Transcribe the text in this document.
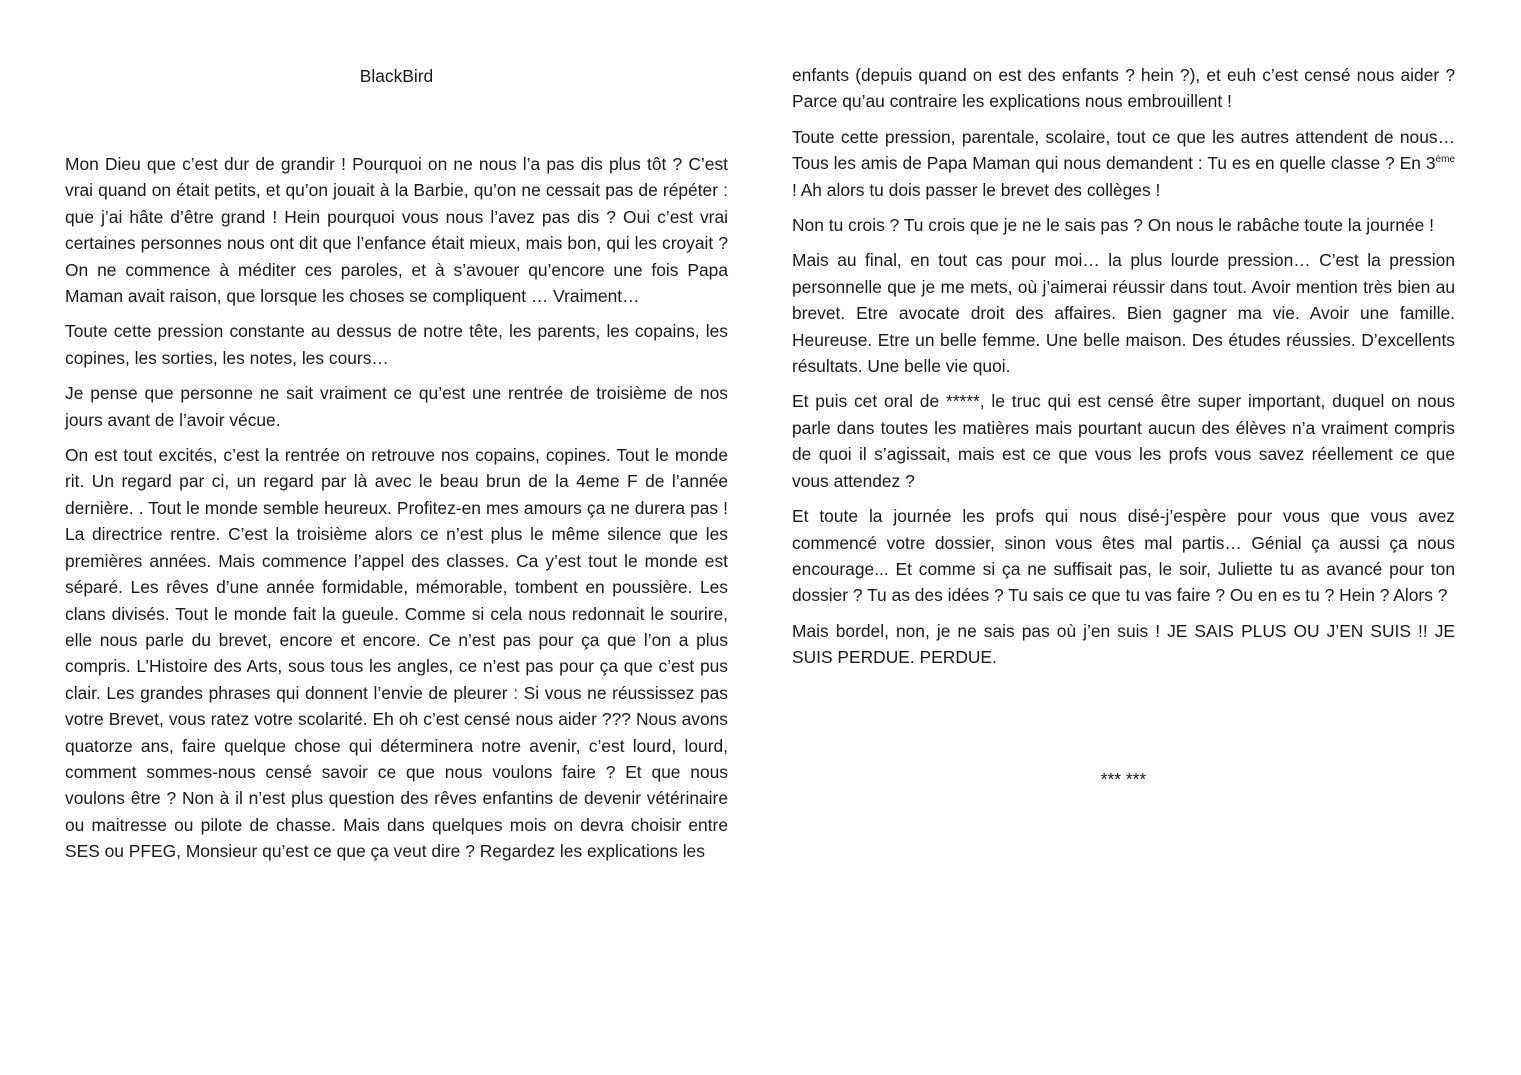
BlackBird

Mon Dieu que c’est dur de grandir ! Pourquoi on ne nous l’a pas dis plus tôt ? C’est vrai quand on était petits, et qu’on jouait à la Barbie, qu’on ne cessait pas de répéter : que j’ai hâte d’être grand ! Hein pourquoi vous nous l’avez pas dis ? Oui c’est vrai certaines personnes nous ont dit que l’enfance était mieux, mais bon, qui les croyait ? On ne commence à méditer ces paroles, et à s’avouer qu’encore une fois Papa Maman avait raison, que lorsque les choses se compliquent … Vraiment…

Toute cette pression constante au dessus de notre tête, les parents, les copains, les copines, les sorties, les notes, les cours…

Je pense que personne ne sait vraiment ce qu’est une rentrée de troisième de nos jours avant de l’avoir vécue.

On est tout excités, c’est la rentrée on retrouve nos copains, copines. Tout le monde rit. Un regard par ci, un regard par là avec le beau brun de la 4eme F de l’année dernière. . Tout le monde semble heureux. Profitez-en mes amours ça ne durera pas ! La directrice rentre. C’est la troisième alors ce n’est plus le même silence que les premières années. Mais commence l’appel des classes. Ca y’est tout le monde est séparé. Les rêves d’une année formidable, mémorable, tombent en poussière. Les clans divisés. Tout le monde fait la gueule. Comme si cela nous redonnait le sourire, elle nous parle du brevet, encore et encore. Ce n’est pas pour ça que l’on a plus compris. L’Histoire des Arts, sous tous les angles, ce n’est pas pour ça que c’est pus clair. Les grandes phrases qui donnent l’envie de pleurer : Si vous ne réussissez pas votre Brevet, vous ratez votre scolarité. Eh oh c’est censé nous aider ??? Nous avons quatorze ans, faire quelque chose qui déterminera notre avenir, c’est lourd, lourd, comment sommes-nous censé savoir ce que nous voulons faire ? Et que nous voulons être ? Non à il n’est plus question des rêves enfantins de devenir vétérinaire ou maitresse ou pilote de chasse. Mais dans quelques mois on devra choisir entre SES ou PFEG, Monsieur qu’est ce que ça veut dire ? Regardez les explications les

enfants (depuis quand on est des enfants ? hein ?), et euh c’est censé nous aider ? Parce qu’au contraire les explications nous embrouillent !

Toute cette pression, parentale, scolaire, tout ce que les autres attendent de nous… Tous les amis de Papa Maman qui nous demandent : Tu es en quelle classe ? En 3ème ! Ah alors tu dois passer le brevet des collèges !

Non tu crois ? Tu crois que je ne le sais pas ? On nous le rabâche toute la journée !

Mais au final, en tout cas pour moi… la plus lourde pression… C’est la pression personnelle que je me mets, où j’aimerai réussir dans tout. Avoir mention très bien au brevet. Etre avocate droit des affaires. Bien gagner ma vie. Avoir une famille. Heureuse. Etre un belle femme. Une belle maison. Des études réussies. D’excellents résultats. Une belle vie quoi.

Et puis cet oral de *****, le truc qui est censé être super important, duquel on nous parle dans toutes les matières mais pourtant aucun des élèves n’a vraiment compris de quoi il s’agissait, mais est ce que vous les profs vous savez réellement ce que vous attendez ?

Et toute la journée les profs qui nous disé-j’espère pour vous que vous avez commencé votre dossier, sinon vous êtes mal partis… Génial ça aussi ça nous encourage... Et comme si ça ne suffisait pas, le soir, Juliette tu as avancé pour ton dossier ? Tu as des idées ? Tu sais ce que tu vas faire ? Ou en es tu ? Hein ? Alors ?

Mais bordel, non, je ne sais pas où j’en suis ! JE SAIS PLUS OU J’EN SUIS !! JE SUIS PERDUE. PERDUE.

*** ***
